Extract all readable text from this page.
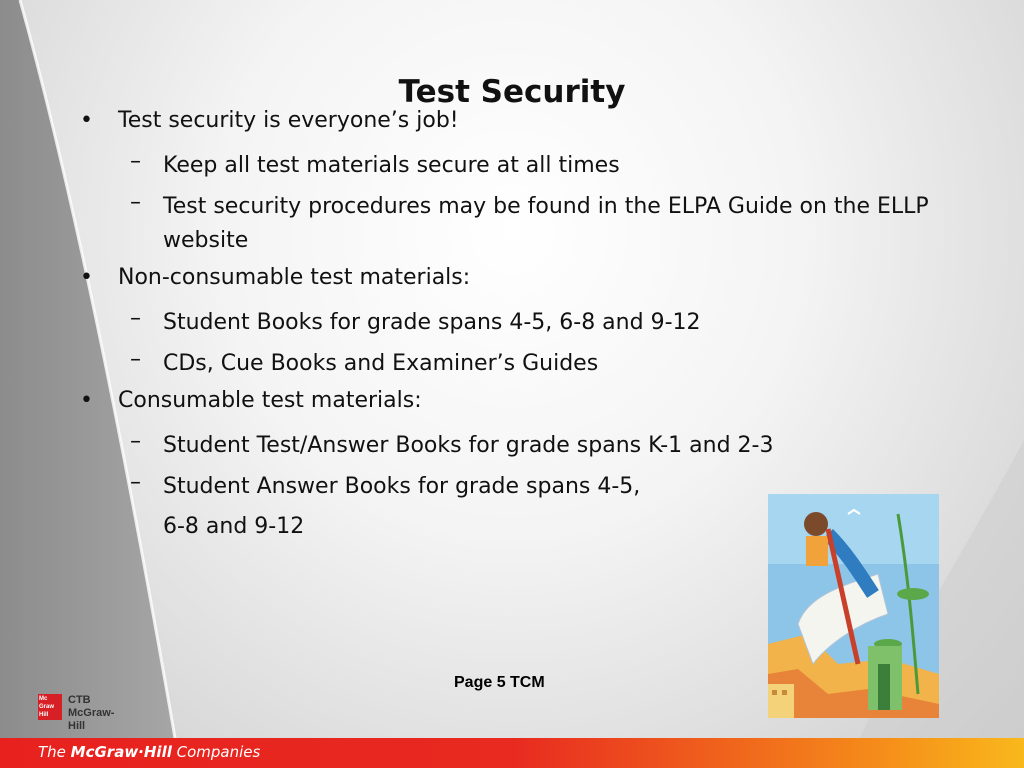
Test Security
•	Test security is everyone’s job!
– Keep all test materials secure at all times
– Test security procedures may be found in the ELPA Guide on the ELLP
website
•	Non-consumable test materials:
– Student Books for grade spans 4-5, 6-8 and 9-12
– CDs, Cue Books and Examiner’s Guides
•	Consumable test materials:
– Student Test/Answer Books for grade spans K-1 and 2-3
– Student Answer Books for grade spans 4-5,
6-8 and 9-12
Page 5 TCM
Mc
Graw
Hill
CTB
McGraw-Hill
The McGraw·Hill Companies
